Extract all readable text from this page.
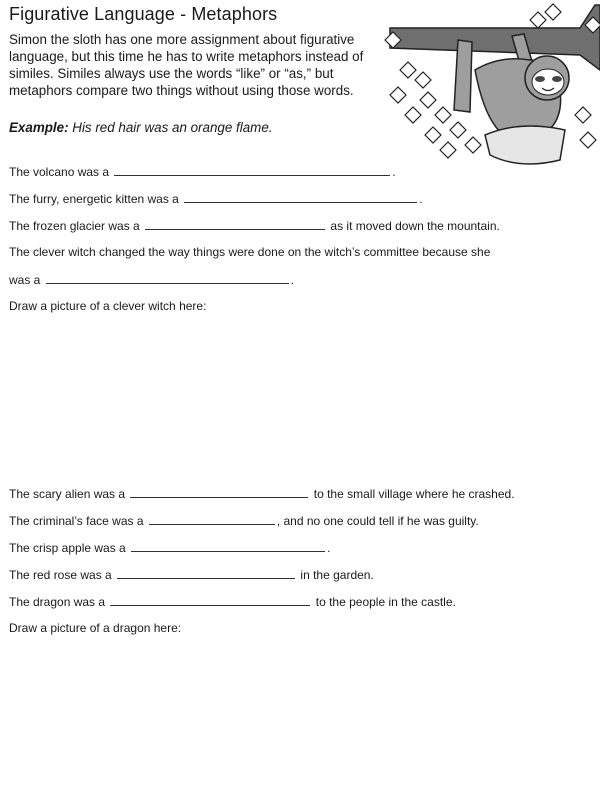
Figurative Language - Metaphors
Simon the sloth has one more assignment about figurative language, but this time he has to write metaphors instead of similes. Similes always use the words “like” or “as,” but metaphors compare two things without using those words.
Example: His red hair was an orange flame.
The volcano was a	.
The furry, energetic kitten was a	.
The frozen glacier was a	as it moved down the mountain.
The clever witch changed the way things were done on the witch’s committee because she
was a	.
Draw a picture of a clever witch here:
The scary alien was a	to the small village where he crashed.
The criminal’s face was a	, and no one could tell if he was guilty.
The crisp apple was a	.
The red rose was a	in the garden.
The dragon was a	to the people in the castle.
Draw a picture of a dragon here:
